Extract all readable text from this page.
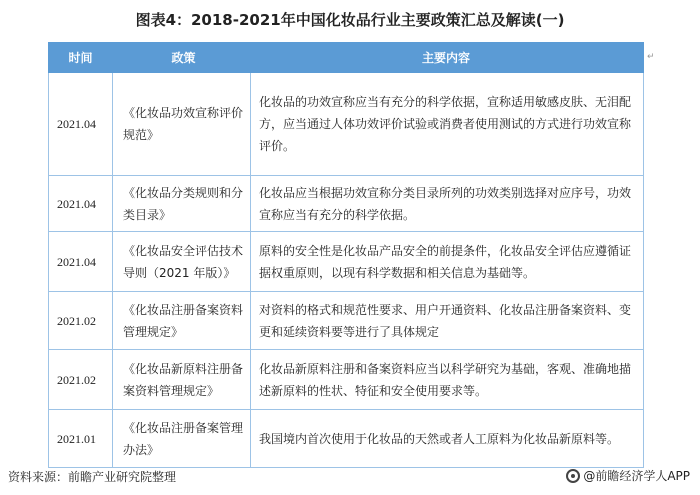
图表4：2018-2021年中国化妆品行业主要政策汇总及解读(一)
时间	政策	主要内容
2021.04	《化妆品功效宣称评价规范》	化妆品的功效宣称应当有充分的科学依据，宣称适用敏感皮肤、无泪配方，应当通过人体功效评价试验或消费者使用测试的方式进行功效宣称评价。
2021.04	《化妆品分类规则和分类目录》	化妆品应当根据功效宣称分类目录所列的功效类别选择对应序号，功效宣称应当有充分的科学依据。
2021.04	《化妆品安全评估技术导则（2021 年版）》	原料的安全性是化妆品产品安全的前提条件，化妆品安全评估应遵循证据权重原则，以现有科学数据和相关信息为基础等。
2021.02	《化妆品注册备案资料管理规定》	对资料的格式和规范性要求、用户开通资料、化妆品注册备案资料、变更和延续资料要等进行了具体规定
2021.02	《化妆品新原料注册备案资料管理规定》	化妆品新原料注册和备案资料应当以科学研究为基础，客观、准确地描述新原料的性状、特征和安全使用要求等。
2021.01	《化妆品注册备案管理办法》	我国境内首次使用于化妆品的天然或者人工原料为化妆品新原料等。
↵
资料来源：前瞻产业研究院整理	@前瞻经济学人APP
